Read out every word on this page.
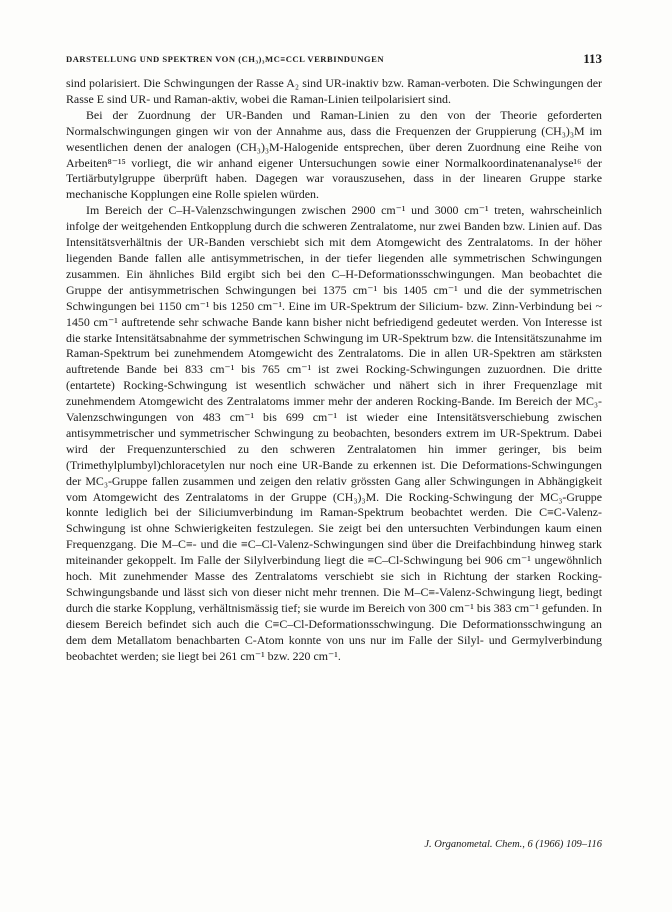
DARSTELLUNG UND SPEKTREN VON (CH₃)₃MC≡CCL VERBINDUNGEN	113

sind polarisiert. Die Schwingungen der Rasse A₂ sind UR-inaktiv bzw. Raman-verboten. Die Schwingungen der Rasse E sind UR- und Raman-aktiv, wobei die Raman-Linien teilpolarisiert sind.

Bei der Zuordnung der UR-Banden und Raman-Linien zu den von der Theorie geforderten Normalschwingungen gingen wir von der Annahme aus, dass die Frequenzen der Gruppierung (CH₃)₃M im wesentlichen denen der analogen (CH₃)₃M-Halogenide entsprechen, über deren Zuordnung eine Reihe von Arbeiten⁸⁻¹⁵ vorliegt, die wir anhand eigener Untersuchungen sowie einer Normalkoordinatenanalyse¹⁶ der Tertiärbutylgruppe überprüft haben. Dagegen war vorauszusehen, dass in der linearen Gruppe starke mechanische Kopplungen eine Rolle spielen würden.

Im Bereich der C–H-Valenzschwingungen zwischen 2900 cm⁻¹ und 3000 cm⁻¹ treten, wahrscheinlich infolge der weitgehenden Entkopplung durch die schweren Zentralatome, nur zwei Banden bzw. Linien auf. Das Intensitätsverhältnis der UR-Banden verschiebt sich mit dem Atomgewicht des Zentralatoms. In der höher liegenden Bande fallen alle antisymmetrischen, in der tiefer liegenden alle symmetrischen Schwingungen zusammen. Ein ähnliches Bild ergibt sich bei den C–H-Deformationsschwingungen. Man beobachtet die Gruppe der antisymmetrischen Schwingungen bei 1375 cm⁻¹ bis 1405 cm⁻¹ und die der symmetrischen Schwingungen bei 1150 cm⁻¹ bis 1250 cm⁻¹. Eine im UR-Spektrum der Silicium- bzw. Zinn-Verbindung bei ~ 1450 cm⁻¹ auftretende sehr schwache Bande kann bisher nicht befriedigend gedeutet werden. Von Interesse ist die starke Intensitätsabnahme der symmetrischen Schwingung im UR-Spektrum bzw. die Intensitätszunahme im Raman-Spektrum bei zunehmendem Atomgewicht des Zentralatoms. Die in allen UR-Spektren am stärksten auftretende Bande bei 833 cm⁻¹ bis 765 cm⁻¹ ist zwei Rocking-Schwingungen zuzuordnen. Die dritte (entartete) Rocking-Schwingung ist wesentlich schwächer und nähert sich in ihrer Frequenzlage mit zunehmendem Atomgewicht des Zentralatoms immer mehr der anderen Rocking-Bande. Im Bereich der MC₃-Valenzschwingungen von 483 cm⁻¹ bis 699 cm⁻¹ ist wieder eine Intensitätsverschiebung zwischen antisymmetrischer und symmetrischer Schwingung zu beobachten, besonders extrem im UR-Spektrum. Dabei wird der Frequenzunterschied zu den schweren Zentralatomen hin immer geringer, bis beim (Trimethylplumbyl)chloracetylen nur noch eine UR-Bande zu erkennen ist. Die Deformations-Schwingungen der MC₃-Gruppe fallen zusammen und zeigen den relativ grössten Gang aller Schwingungen in Abhängigkeit vom Atomgewicht des Zentralatoms in der Gruppe (CH₃)₃M. Die Rocking-Schwingung der MC₃-Gruppe konnte lediglich bei der Siliciumverbindung im Raman-Spektrum beobachtet werden. Die C≡C-Valenz-Schwingung ist ohne Schwierigkeiten festzulegen. Sie zeigt bei den untersuchten Verbindungen kaum einen Frequenzgang. Die M–C≡- und die ≡C–Cl-Valenz-Schwingungen sind über die Dreifachbindung hinweg stark miteinander gekoppelt. Im Falle der Silylverbindung liegt die ≡C–Cl-Schwingung bei 906 cm⁻¹ ungewöhnlich hoch. Mit zunehmender Masse des Zentralatoms verschiebt sie sich in Richtung der starken Rocking-Schwingungsbande und lässt sich von dieser nicht mehr trennen. Die M–C≡-Valenz-Schwingung liegt, bedingt durch die starke Kopplung, verhältnismässig tief; sie wurde im Bereich von 300 cm⁻¹ bis 383 cm⁻¹ gefunden. In diesem Bereich befindet sich auch die C≡C–Cl-Deformationsschwingung. Die Deformationsschwingung an dem dem Metallatom benachbarten C-Atom konnte von uns nur im Falle der Silyl- und Germylverbindung beobachtet werden; sie liegt bei 261 cm⁻¹ bzw. 220 cm⁻¹.

J. Organometal. Chem., 6 (1966) 109–116
